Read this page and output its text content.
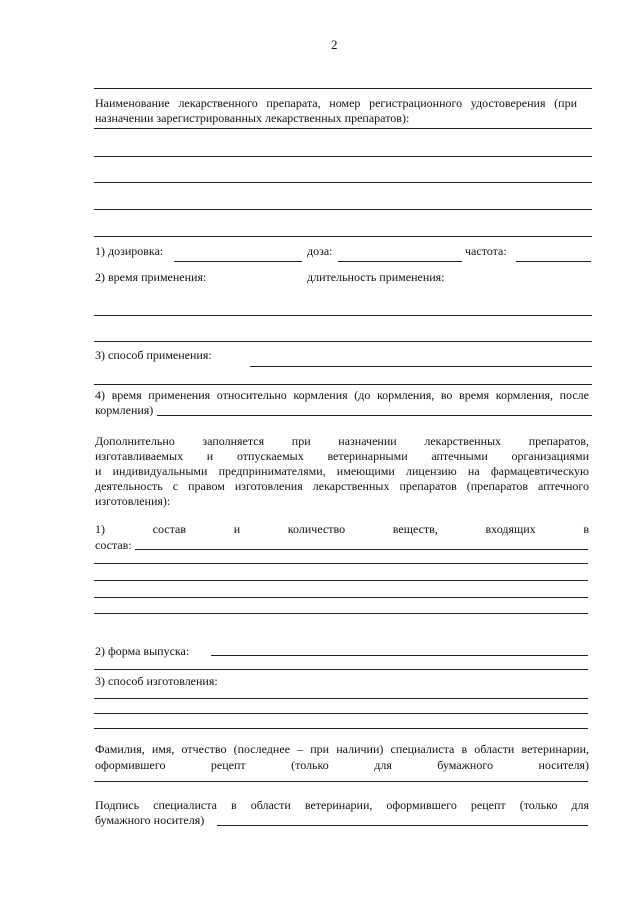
2
Наименование лекарственного препарата, номер регистрационного удостоверения (при
назначении зарегистрированных лекарственных препаратов):
1) дозировка:	доза:	частота:
2) время применения:	длительность применения:
3) способ применения:
4) время применения относительно кормления (до кормления, во время кормления, после
кормления)
Дополнительно заполняется при назначении лекарственных препаратов,
изготавливаемых и отпускаемых ветеринарными аптечными организациями
и индивидуальными предпринимателями, имеющими лицензию на фармацевтическую
деятельность с правом изготовления лекарственных препаратов (препаратов аптечного
изготовления):
1) состав и количество веществ, входящих в
состав:
2) форма выпуска:
3) способ изготовления:
Фамилия, имя, отчество (последнее – при наличии) специалиста в области ветеринарии,
оформившего рецепт (только для бумажного носителя)
Подпись специалиста в области ветеринарии, оформившего рецепт (только для
бумажного носителя)
